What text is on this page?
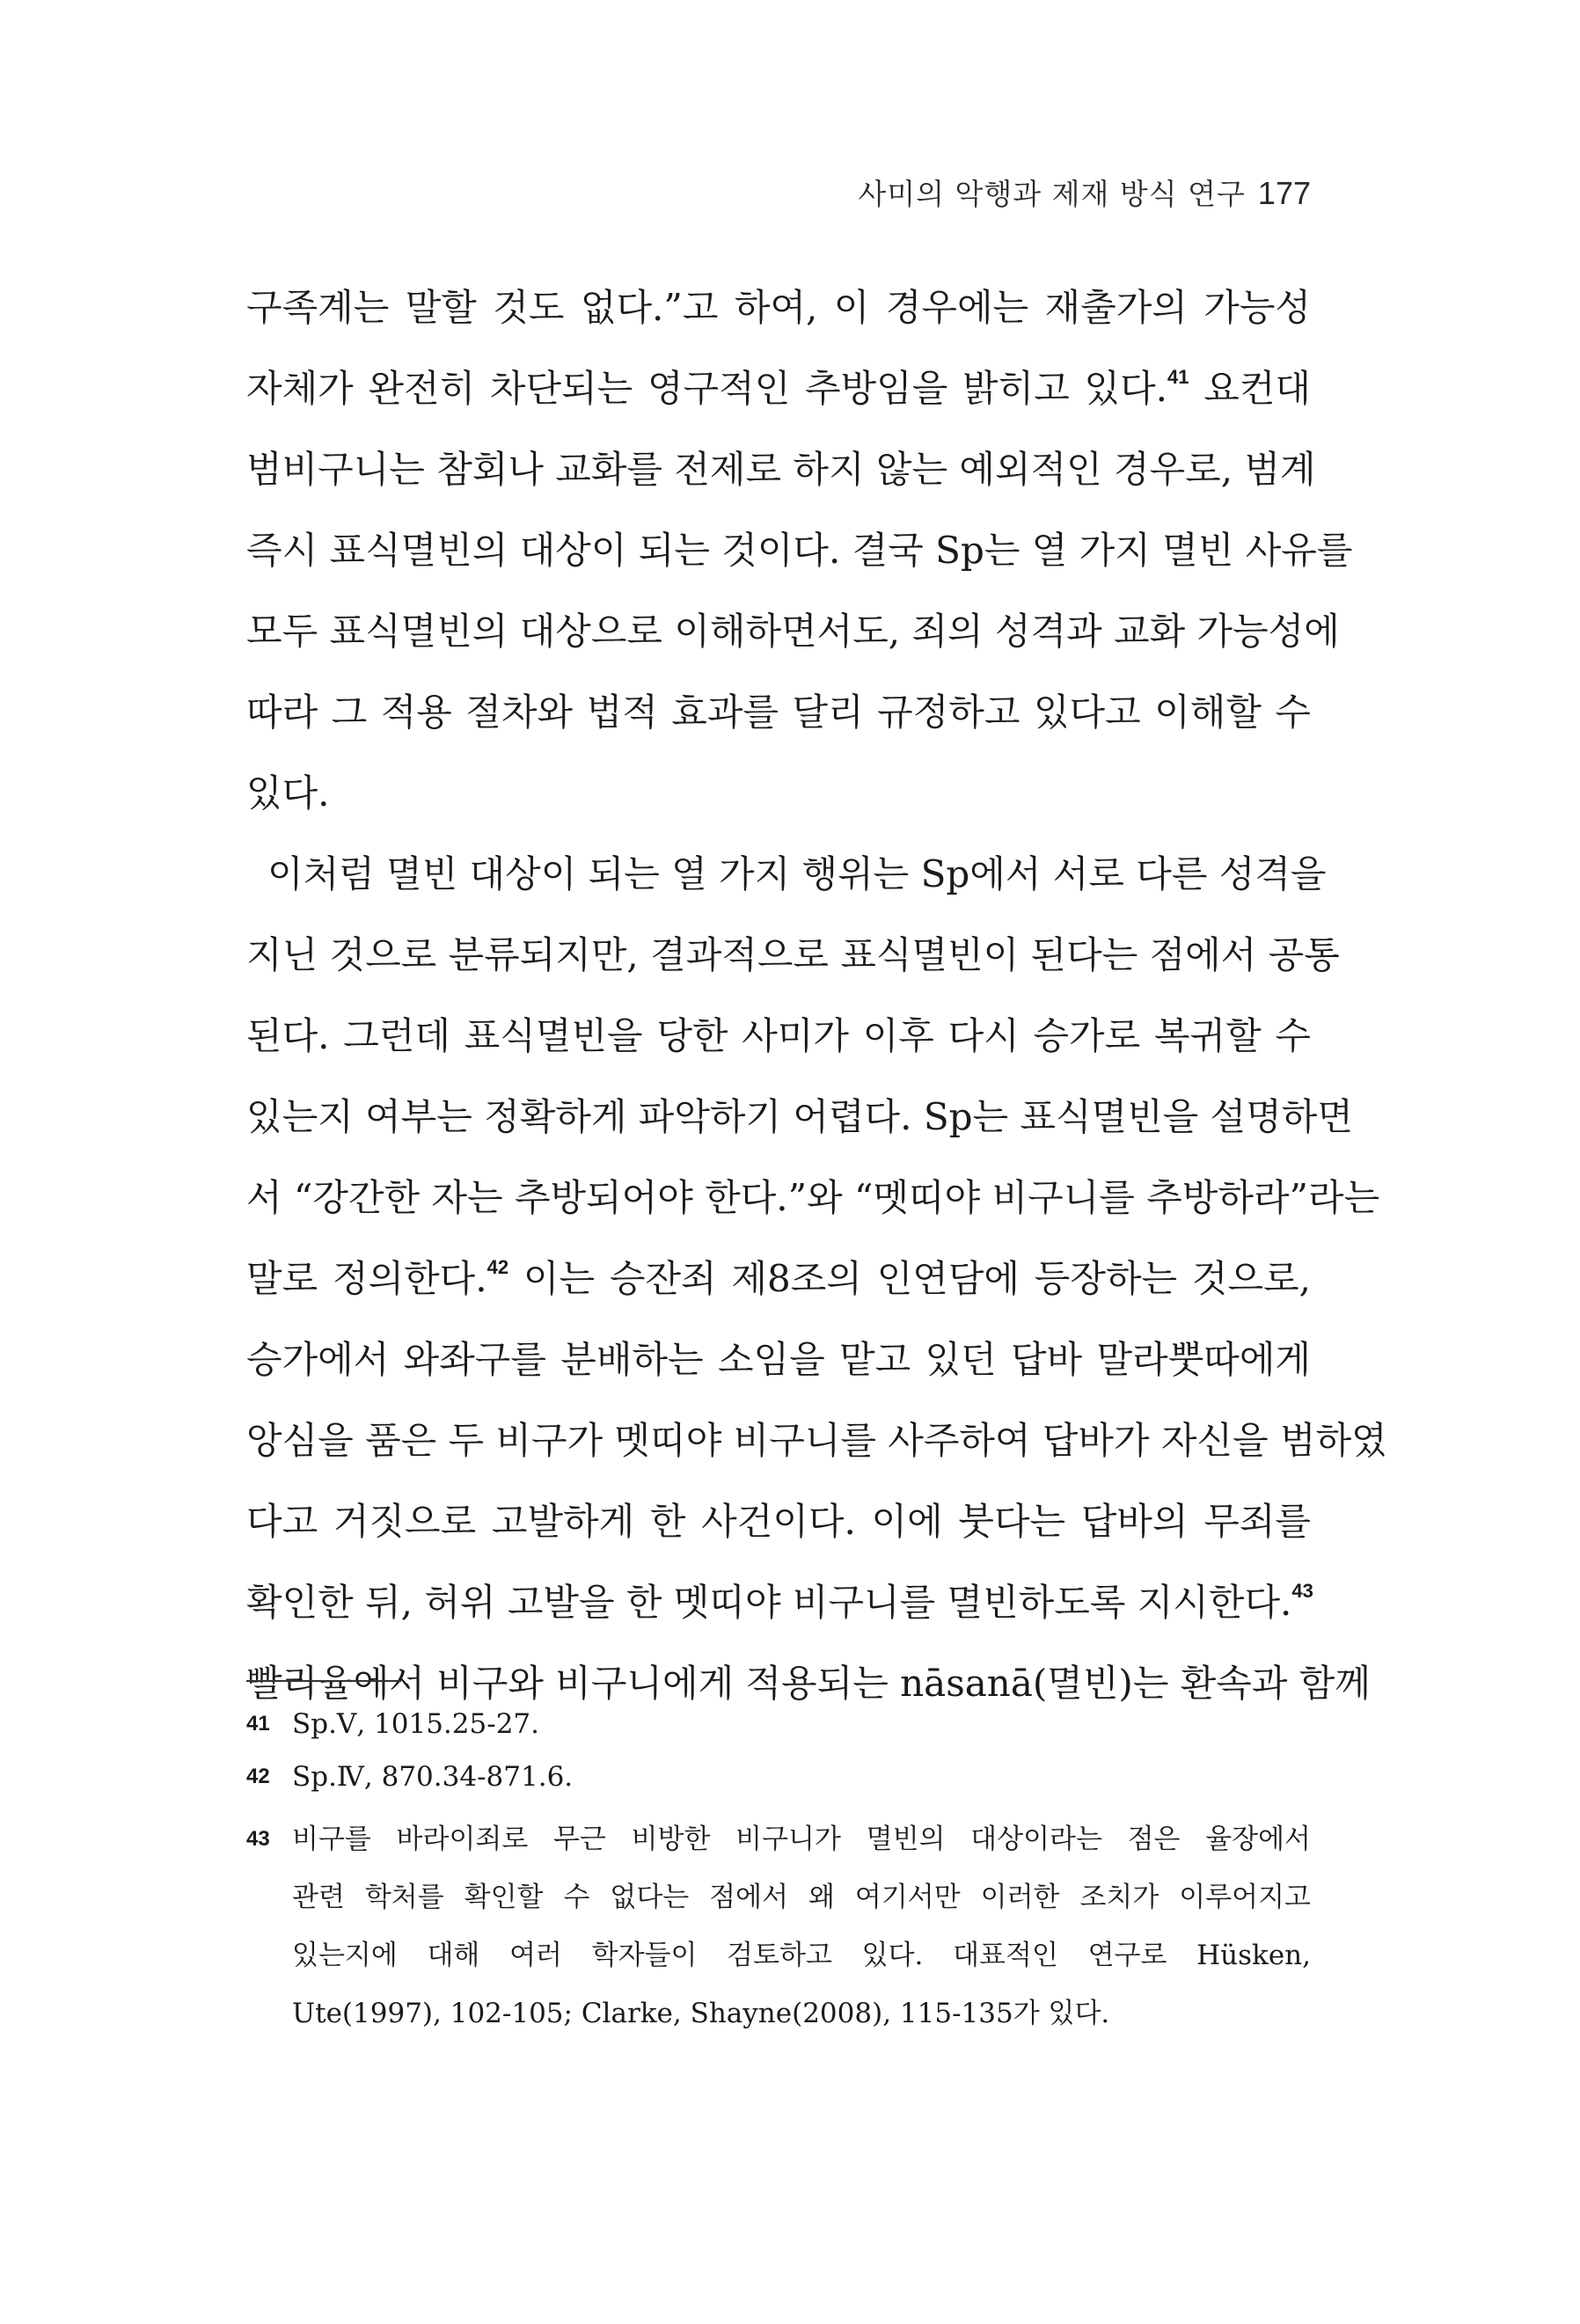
사미의 악행과 제재 방식 연구 177
구족계는 말할 것도 없다.”고 하여, 이 경우에는 재출가의 가능성
자체가 완전히 차단되는 영구적인 추방임을 밝히고 있다.$^{41}$ 요컨대
범비구니는 참회나 교화를 전제로 하지 않는 예외적인 경우로, 범계
즉시 표식멸빈의 대상이 되는 것이다. 결국 Sp는 열 가지 멸빈 사유를
모두 표식멸빈의 대상으로 이해하면서도, 죄의 성격과 교화 가능성에
따라 그 적용 절차와 법적 효과를 달리 규정하고 있다고 이해할 수
있다.
이처럼 멸빈 대상이 되는 열 가지 행위는 Sp에서 서로 다른 성격을
지닌 것으로 분류되지만, 결과적으로 표식멸빈이 된다는 점에서 공통
된다. 그런데 표식멸빈을 당한 사미가 이후 다시 승가로 복귀할 수
있는지 여부는 정확하게 파악하기 어렵다. Sp는 표식멸빈을 설명하면
서 “강간한 자는 추방되어야 한다.”와 “멧띠야 비구니를 추방하라”라는
말로 정의한다.$^{42}$ 이는 승잔죄 제8조의 인연담에 등장하는 것으로,
승가에서 와좌구를 분배하는 소임을 맡고 있던 답바 말라뿟따에게
앙심을 품은 두 비구가 멧띠야 비구니를 사주하여 답바가 자신을 범하였
다고 거짓으로 고발하게 한 사건이다. 이에 붓다는 답바의 무죄를
확인한 뒤, 허위 고발을 한 멧띠야 비구니를 멸빈하도록 지시한다.$^{43}$
빨리율에서 비구와 비구니에게 적용되는 nāsanā(멸빈)는 환속과 함께
41 Sp.Ⅴ, 1015.25-27.
42 Sp.Ⅳ, 870.34-871.6.
43 비구를 바라이죄로 무근 비방한 비구니가 멸빈의 대상이라는 점은 율장에서
관련 학처를 확인할 수 없다는 점에서 왜 여기서만 이러한 조치가 이루어지고
있는지에 대해 여러 학자들이 검토하고 있다. 대표적인 연구로 Hüsken,
Ute(1997), 102-105; Clarke, Shayne(2008), 115-135가 있다.
